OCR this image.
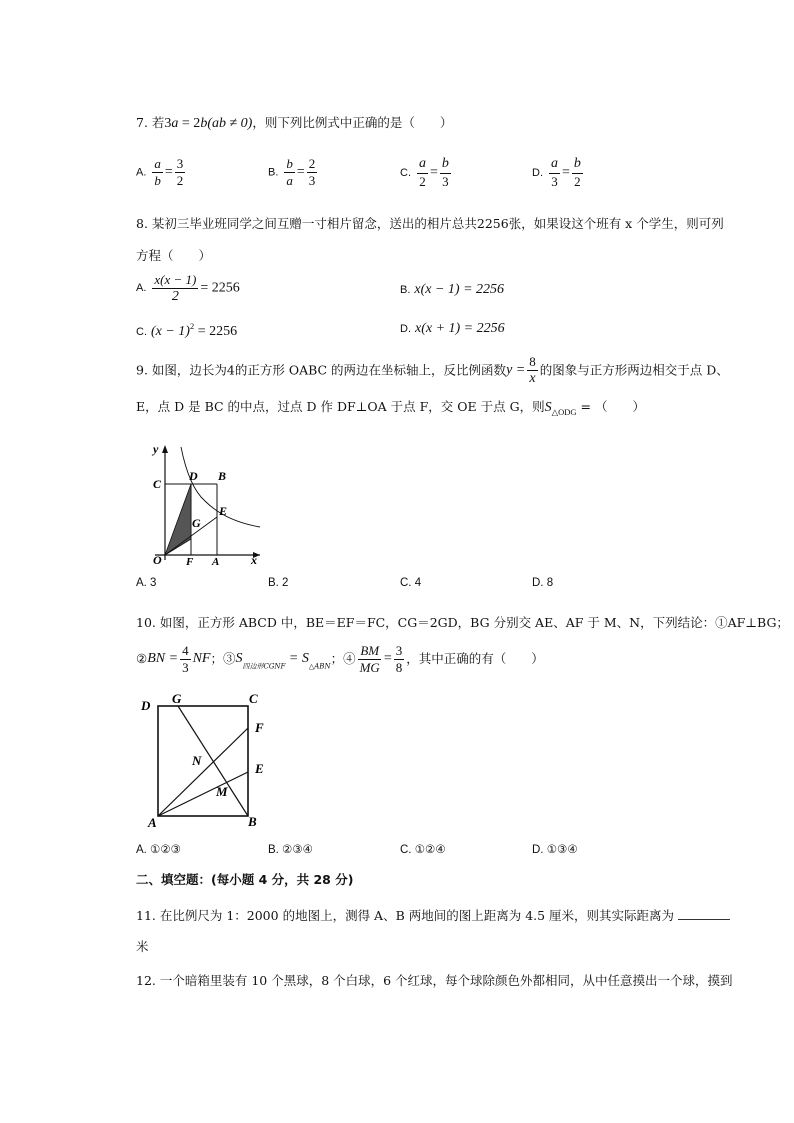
7. 若3a = 2b(ab ≠ 0)，则下列比例式中正确的是（　　）
A. $\frac{a}{b} = \frac{3}{2}$	B. $\frac{b}{a} = \frac{2}{3}$	C. $\frac{a}{2} = \frac{b}{3}$	D. $\frac{a}{3} = \frac{b}{2}$
8. 某初三毕业班同学之间互赠一寸相片留念，送出的相片总共2256张，如果设这个班有 x 个学生，则可列
方程（　　）
A. $\frac{x(x - 1)}{2} = 2256$	B. x(x − 1) = 2256
C. $(x - 1)^2 = 2256$	D. x(x + 1) = 2256
9. 如图，边长为4的正方形 OABC 的两边在坐标轴上，反比例函数$y = \frac{8}{x}$ 的图象与正方形两边相交于点 D、
E，点 D 是 BC 的中点，过点 D 作 DF⊥OA 于点 F，交 OE 于点 G，则$S_{\triangle ODG}$ = （　　）
y
x
O F A
C
D B
G
E
A. 3	B. 2	C. 4	D. 8
10. 如图，正方形 ABCD 中，BE＝EF＝FC，CG＝2GD，BG 分别交 AE、AF 于 M、N，下列结论：①AF⊥BG；
②BN = $\frac{4}{3}$ NF；$③S_{四边形CGNF} = S_{\triangle ABN}$；④ $\frac{BM}{MG} = \frac{3}{8}$ ，其中正确的有（　　）
D G	C
F
N
E
M
A	B
A. ①②③	B. ②③④	C. ①②④	D. ①③④
二、填空题：(每小题 4 分，共 28 分)
11. 在比例尺为 1：2000 的地图上，测得 A、B 两地间的图上距离为 4.5 厘米，则其实际距离为
米
12. 一个暗箱里装有 10 个黑球，8 个白球，6 个红球，每个球除颜色外都相同，从中任意摸出一个球，摸到
